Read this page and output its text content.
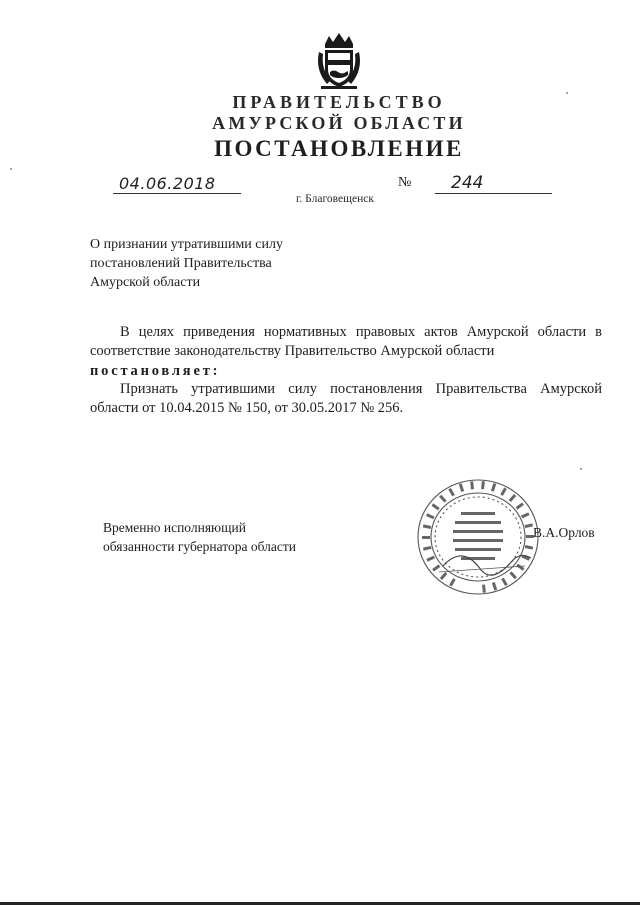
ПРАВИТЕЛЬСТВО
АМУРСКОЙ ОБЛАСТИ
ПОСТАНОВЛЕНИЕ
04.06.2018	№ 244
г. Благовещенск
О признании утратившими силу
постановлений Правительства
Амурской области
В целях приведения нормативных правовых актов Амурской области в
соответствие законодательству Правительство Амурской области
постановляет:
Признать утратившими силу постановления Правительства Амурской
области от 10.04.2015 № 150, от 30.05.2017 № 256.
Временно исполняющий
обязанности губернатора области
В.А.Орлов
